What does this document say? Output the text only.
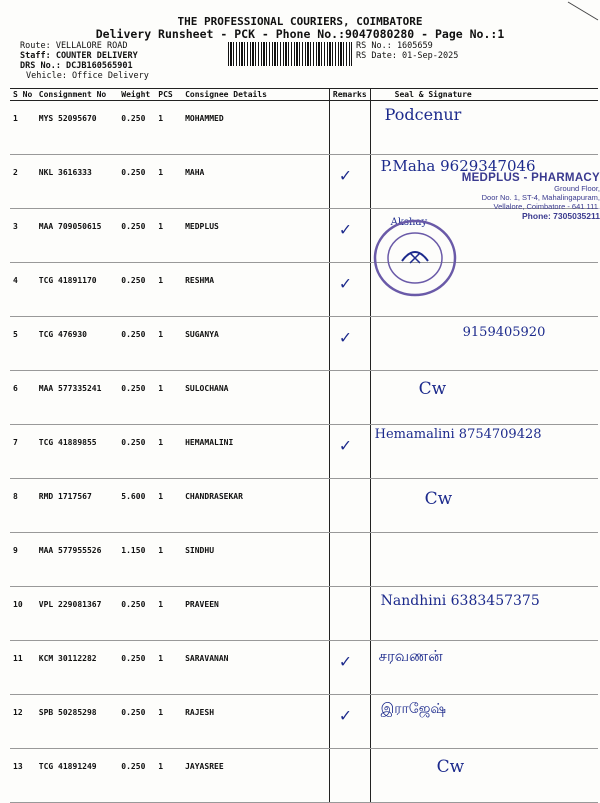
THE PROFESSIONAL COURIERS, COIMBATORE
Delivery Runsheet - PCK - Phone No.:9047080280 - Page No.:1
Route: VELLALORE ROAD
Staff: COUNTER DELIVERY
DRS No.: DCJB160565901
Vehicle: Office Delivery
RS No.: 1605659
RS Date: 01-Sep-2025
S No	Consignment No	Weight	PCS	Consignee Details	Remarks	Seal & Signature
1	MYS 52095670	0.250	1	MOHAMMED		Podcenur

2	NKL 3616333	0.250	1	MAHA	✓	P.Maha 9629347046

3	MAA 709050615	0.250	1	MEDPLUS	✓	Akshay

4	TCG 41891170	0.250	1	RESHMA	✓	

5	TCG 476930	0.250	1	SUGANYA	✓	9159405920

6	MAA 577335241	0.250	1	SULOCHANA		Cw

7	TCG 41889855	0.250	1	HEMAMALINI	✓	Hemamalini 8754709428

8	RMD 1717567	5.600	1	CHANDRASEKAR		Cw

9	MAA 577955526	1.150	1	SINDHU	

10	VPL 229081367	0.250	1	PRAVEEN		Nandhini 6383457375

11	KCM 30112282	0.250	1	SARAVANAN	✓	சரவணன்

12	SPB 50285298	0.250	1	RAJESH	✓	இராஜேஷ்

13	TCG 41891249	0.250	1	JAYASREE		Cw
MEDPLUS - PHARMACY
Ground Floor,
Door No. 1, ST-4, Mahalingapuram,
Vellalore, Coimbatore - 641 111.
Phone: 7305035211
